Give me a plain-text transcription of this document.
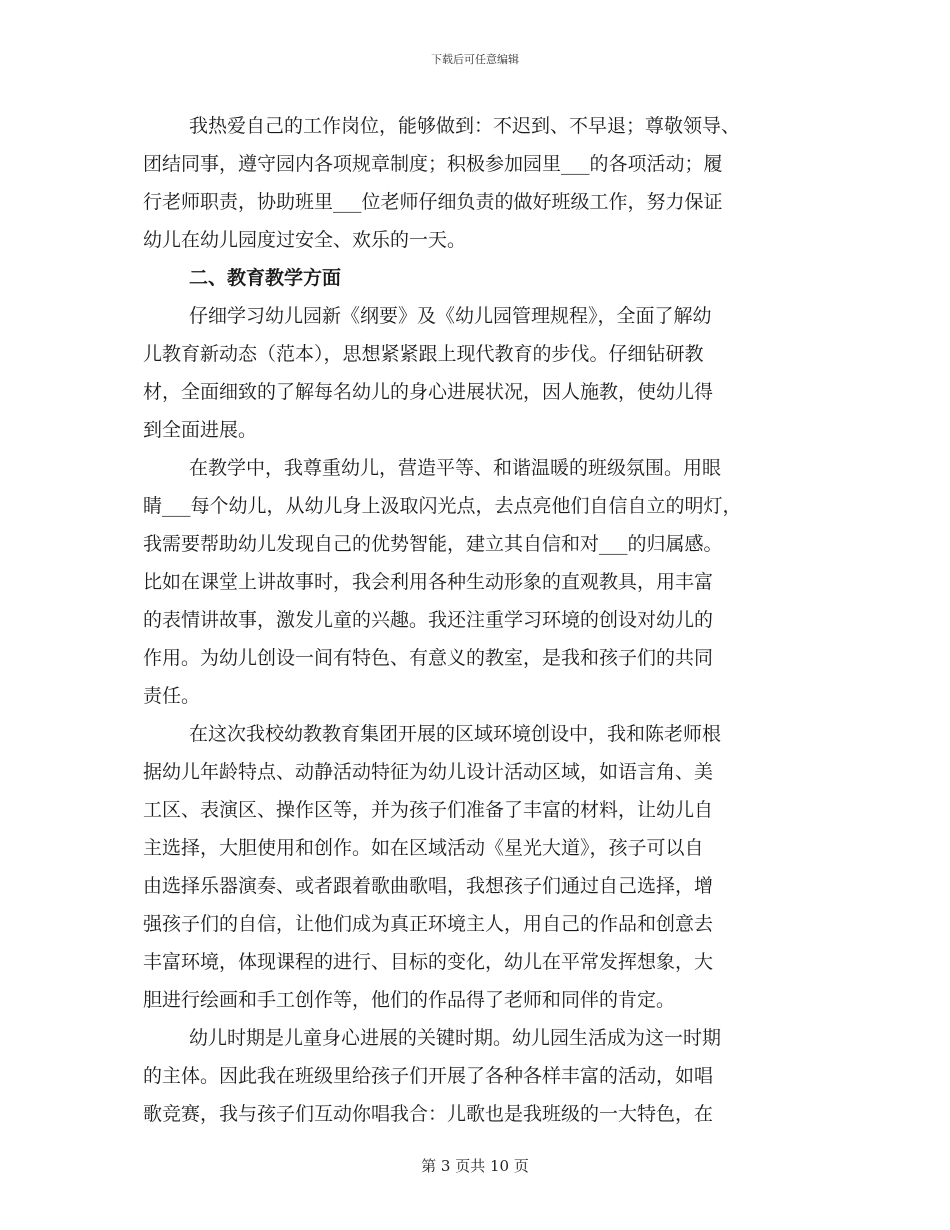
下载后可任意编辑

我热爱自己的工作岗位，能够做到：不迟到、不早退；尊敬领导、
团结同事，遵守园内各项规章制度；积极参加园里___的各项活动；履
行老师职责，协助班里___位老师仔细负责的做好班级工作，努力保证
幼儿在幼儿园度过安全、欢乐的一天。

二、教育教学方面

仔细学习幼儿园新《纲要》及《幼儿园管理规程》，全面了解幼
儿教育新动态（范本），思想紧紧跟上现代教育的步伐。仔细钻研教
材，全面细致的了解每名幼儿的身心进展状况，因人施教，使幼儿得
到全面进展。

在教学中，我尊重幼儿，营造平等、和谐温暖的班级氛围。用眼
睛___每个幼儿，从幼儿身上汲取闪光点，去点亮他们自信自立的明灯，
我需要帮助幼儿发现自己的优势智能，建立其自信和对___的归属感。
比如在课堂上讲故事时，我会利用各种生动形象的直观教具，用丰富
的表情讲故事，激发儿童的兴趣。我还注重学习环境的创设对幼儿的
作用。为幼儿创设一间有特色、有意义的教室，是我和孩子们的共同
责任。

在这次我校幼教教育集团开展的区域环境创设中，我和陈老师根
据幼儿年龄特点、动静活动特征为幼儿设计活动区域，如语言角、美
工区、表演区、操作区等，并为孩子们准备了丰富的材料，让幼儿自
主选择，大胆使用和创作。如在区域活动《星光大道》，孩子可以自
由选择乐器演奏、或者跟着歌曲歌唱，我想孩子们通过自己选择，增
强孩子们的自信，让他们成为真正环境主人，用自己的作品和创意去
丰富环境，体现课程的进行、目标的变化，幼儿在平常发挥想象，大
胆进行绘画和手工创作等，他们的作品得了老师和同伴的肯定。

幼儿时期是儿童身心进展的关键时期。幼儿园生活成为这一时期
的主体。因此我在班级里给孩子们开展了各种各样丰富的活动，如唱
歌竞赛，我与孩子们互动你唱我合：儿歌也是我班级的一大特色，在

第 3 页共 10 页
